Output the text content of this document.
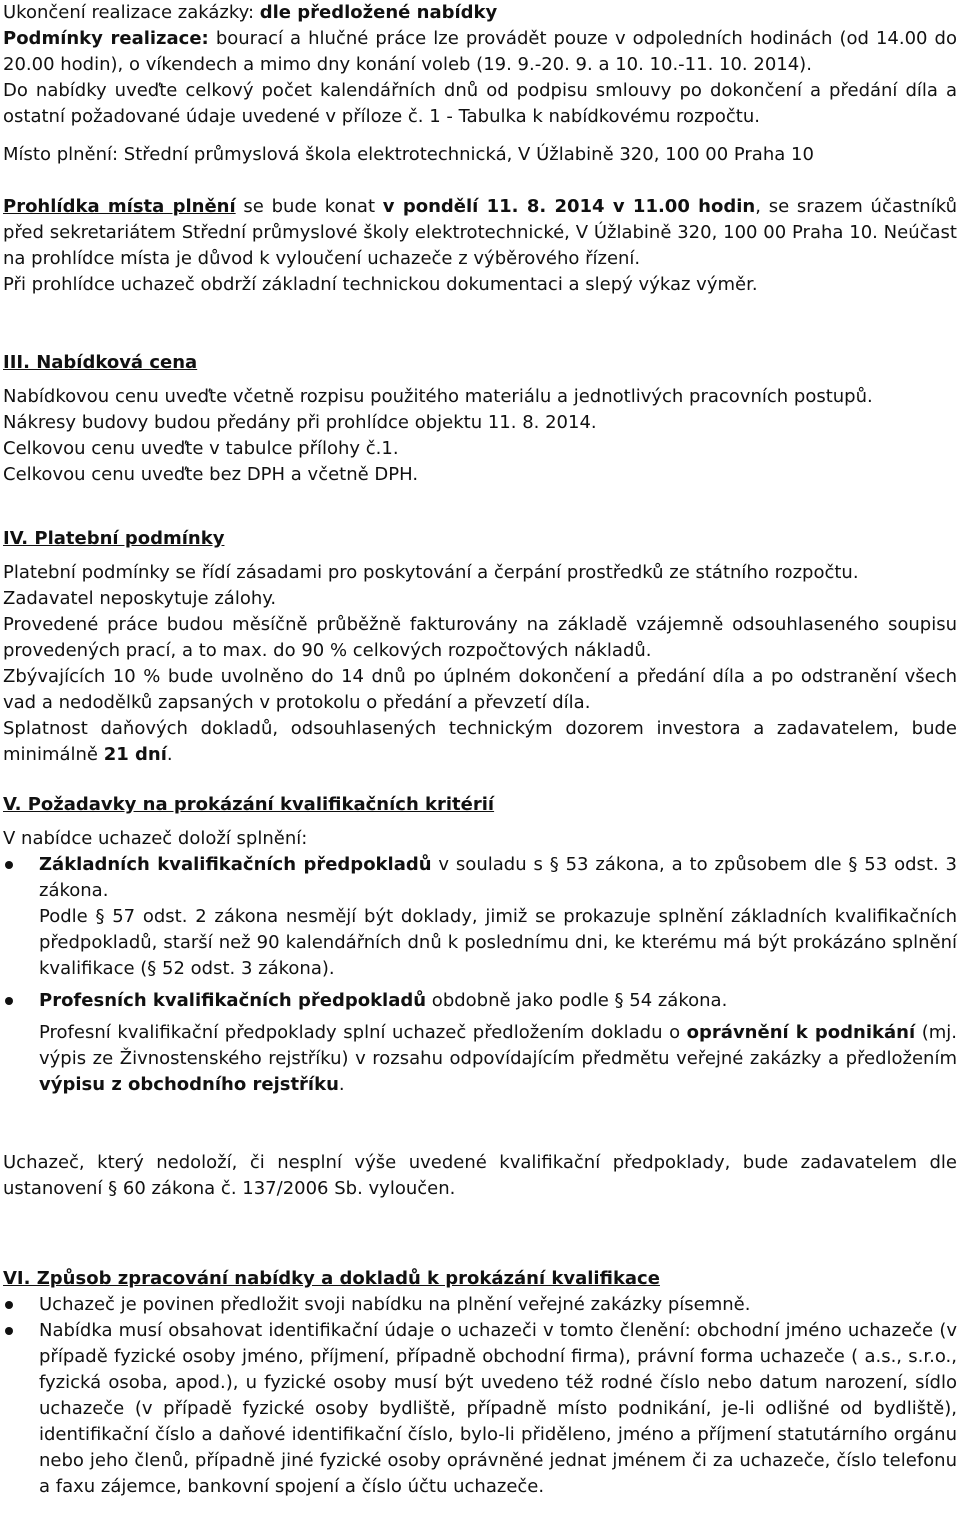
Ukončení realizace zakázky: dle předložené nabídky

Podmínky realizace: bourací a hlučné práce lze provádět pouze v odpoledních hodinách (od 14.00 do 20.00 hodin), o víkendech a mimo dny konání voleb (19. 9.-20. 9. a 10. 10.-11. 10. 2014).

Do nabídky uveďte celkový počet kalendářních dnů od podpisu smlouvy po dokončení a předání díla a ostatní požadované údaje uvedené v příloze č. 1 - Tabulka k nabídkovému rozpočtu.

Místo plnění: Střední průmyslová škola elektrotechnická, V Úžlabině 320, 100 00 Praha 10

Prohlídka místa plnění se bude konat v pondělí 11. 8. 2014 v 11.00 hodin, se srazem účastníků před sekretariátem Střední průmyslové školy elektrotechnické, V Úžlabině 320, 100 00 Praha 10. Neúčast na prohlídce místa je důvod k vyloučení uchazeče z výběrového řízení.

Při prohlídce uchazeč obdrží základní technickou dokumentaci a slepý výkaz výměr.

III. Nabídková cena

Nabídkovou cenu uveďte včetně rozpisu použitého materiálu a jednotlivých pracovních postupů.

Nákresy budovy budou předány při prohlídce objektu 11. 8. 2014.

Celkovou cenu uveďte v tabulce přílohy č.1.

Celkovou cenu uveďte bez DPH a včetně DPH.

IV. Platební podmínky

Platební podmínky se řídí zásadami pro poskytování a čerpání prostředků ze státního rozpočtu.

Zadavatel neposkytuje zálohy.

Provedené práce budou měsíčně průběžně fakturovány na základě vzájemně odsouhlaseného soupisu provedených prací, a to max. do 90 % celkových rozpočtových nákladů.

Zbývajících 10 % bude uvolněno do 14 dnů po úplném dokončení a předání díla a po odstranění všech vad a nedodělků zapsaných v protokolu o předání a převzetí díla.

Splatnost daňových dokladů, odsouhlasených technickým dozorem investora a zadavatelem, bude minimálně 21 dní.

V. Požadavky na prokázání kvalifikačních kritérií

V nabídce uchazeč doloží splnění:

Základních kvalifikačních předpokladů v souladu s § 53 zákona, a to způsobem dle § 53 odst. 3 zákona.
Podle § 57 odst. 2 zákona nesmějí být doklady, jimiž se prokazuje splnění základních kvalifikačních předpokladů, starší než 90 kalendářních dnů k poslednímu dni, ke kterému má být prokázáno splnění kvalifikace (§ 52 odst. 3 zákona).
Profesních kvalifikačních předpokladů obdobně jako podle § 54 zákona.

Profesní kvalifikační předpoklady splní uchazeč předložením dokladu o oprávnění k podnikání (mj. výpis ze Živnostenského rejstříku) v rozsahu odpovídajícím předmětu veřejné zakázky a předložením výpisu z obchodního rejstříku.

Uchazeč, který nedoloží, či nesplní výše uvedené kvalifikační předpoklady, bude zadavatelem dle ustanovení § 60 zákona č. 137/2006 Sb. vyloučen.

VI. Způsob zpracování nabídky a dokladů k prokázání kvalifikace
Uchazeč je povinen předložit svoji nabídku na plnění veřejné zakázky písemně.
Nabídka musí obsahovat identifikační údaje o uchazeči v tomto členění: obchodní jméno uchazeče (v případě fyzické osoby jméno, příjmení, případně obchodní firma), právní forma uchazeče ( a.s., s.r.o., fyzická osoba, apod.), u fyzické osoby musí být uvedeno též rodné číslo nebo datum narození, sídlo uchazeče (v případě fyzické osoby bydliště, případně místo podnikání, je-li odlišné od bydliště), identifikační číslo a daňové identifikační číslo, bylo-li přiděleno, jméno a příjmení statutárního orgánu nebo jeho členů, případně jiné fyzické osoby oprávněné jednat jménem či za uchazeče, číslo telefonu a faxu zájemce, bankovní spojení a číslo účtu uchazeče.
